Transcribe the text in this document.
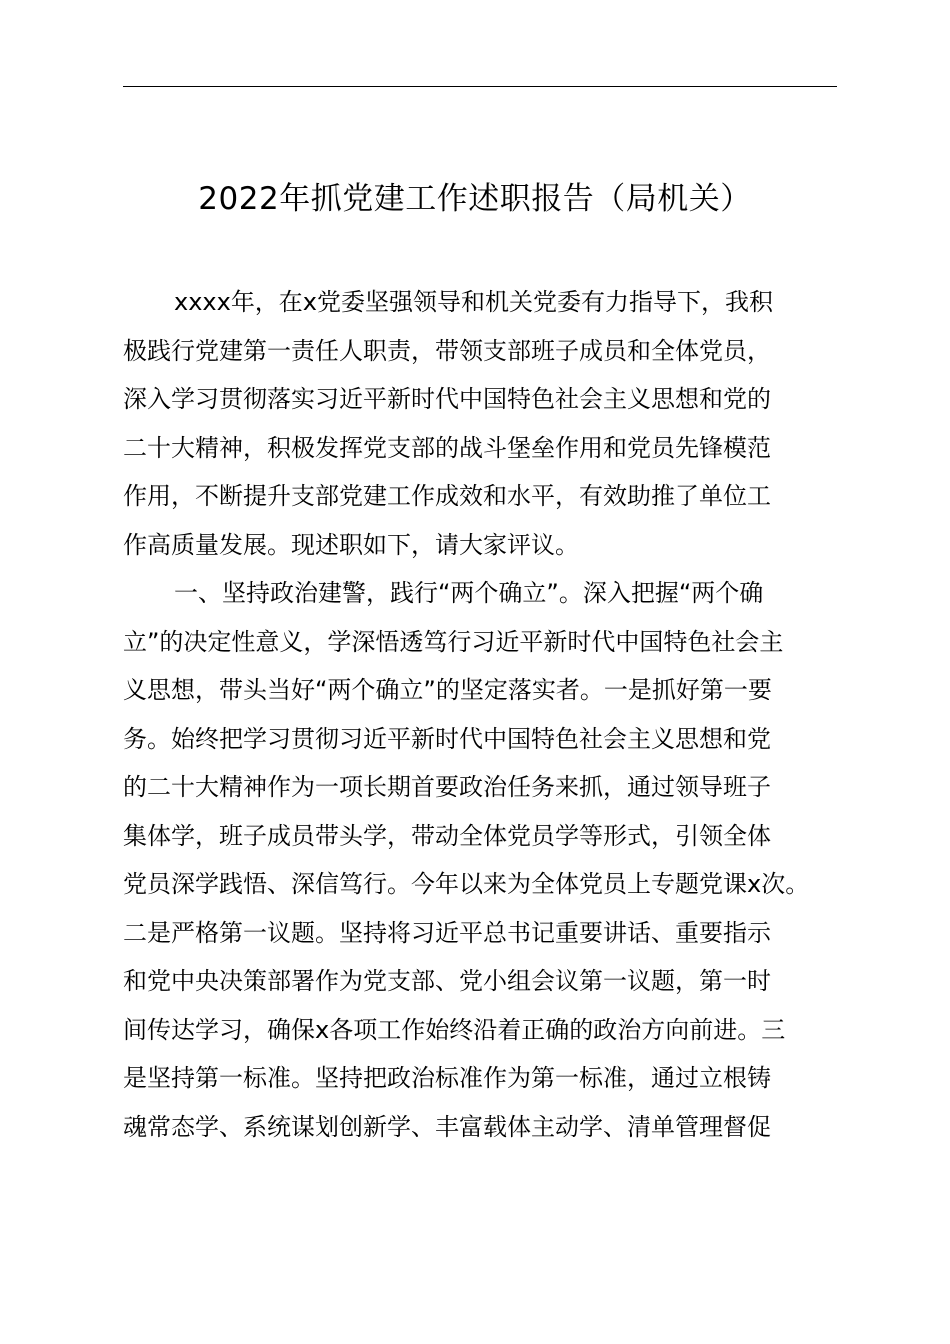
2022年抓党建工作述职报告（局机关）
xxxx年，在x党委坚强领导和机关党委有力指导下，我积
极践行党建第一责任人职责，带领支部班子成员和全体党员，
深入学习贯彻落实习近平新时代中国特色社会主义思想和党的
二十大精神，积极发挥党支部的战斗堡垒作用和党员先锋模范
作用，不断提升支部党建工作成效和水平，有效助推了单位工
作高质量发展。现述职如下，请大家评议。
一、坚持政治建警，践行“两个确立”。深入把握“两个确
立”的决定性意义，学深悟透笃行习近平新时代中国特色社会主
义思想，带头当好“两个确立”的坚定落实者。一是抓好第一要
务。始终把学习贯彻习近平新时代中国特色社会主义思想和党
的二十大精神作为一项长期首要政治任务来抓，通过领导班子
集体学，班子成员带头学，带动全体党员学等形式，引领全体
党员深学践悟、深信笃行。今年以来为全体党员上专题党课x次。
二是严格第一议题。坚持将习近平总书记重要讲话、重要指示
和党中央决策部署作为党支部、党小组会议第一议题，第一时
间传达学习，确保x各项工作始终沿着正确的政治方向前进。三
是坚持第一标准。坚持把政治标准作为第一标准，通过立根铸
魂常态学、系统谋划创新学、丰富载体主动学、清单管理督促
